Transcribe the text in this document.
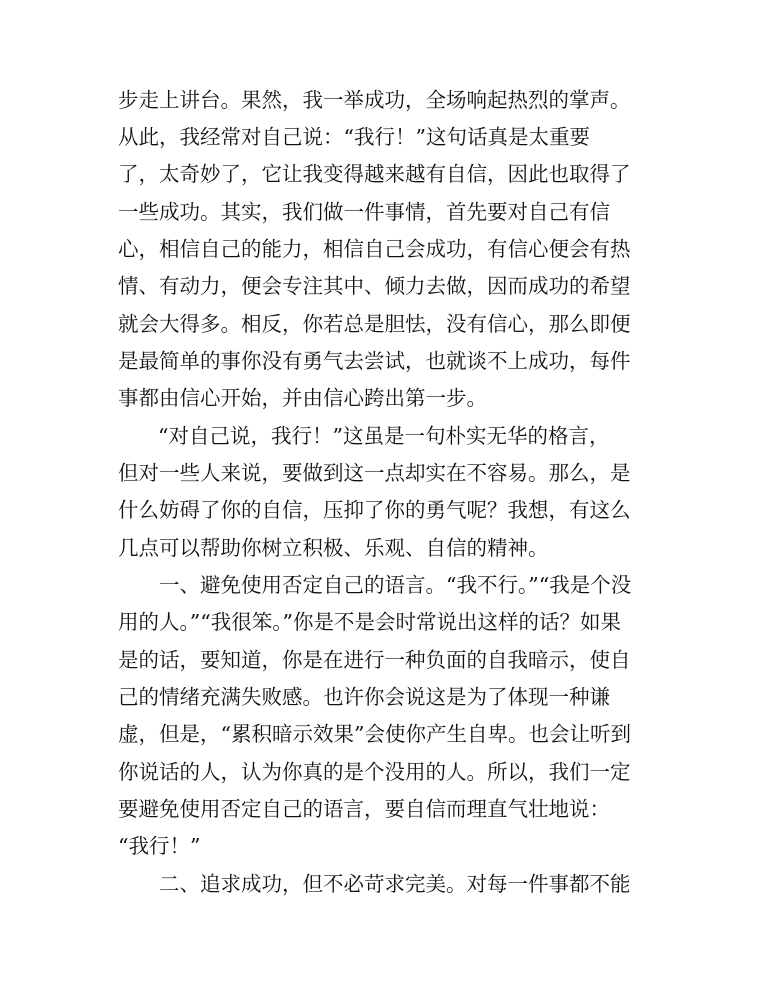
步走上讲台。果然，我一举成功，全场响起热烈的掌声。
从此，我经常对自己说：“我行！”这句话真是太重要
了，太奇妙了，它让我变得越来越有自信，因此也取得了
一些成功。其实，我们做一件事情，首先要对自己有信
心，相信自己的能力，相信自己会成功，有信心便会有热
情、有动力，便会专注其中、倾力去做，因而成功的希望
就会大得多。相反，你若总是胆怯，没有信心，那么即便
是最简单的事你没有勇气去尝试，也就谈不上成功，每件
事都由信心开始，并由信心跨出第一步。
“对自己说，我行！”这虽是一句朴实无华的格言，
但对一些人来说，要做到这一点却实在不容易。那么，是
什么妨碍了你的自信，压抑了你的勇气呢？我想，有这么
几点可以帮助你树立积极、乐观、自信的精神。
一、避免使用否定自己的语言。“我不行。”“我是个没
用的人。”“我很笨。”你是不是会时常说出这样的话？如果
是的话，要知道，你是在进行一种负面的自我暗示，使自
己的情绪充满失败感。也许你会说这是为了体现一种谦
虚，但是，“累积暗示效果”会使你产生自卑。也会让听到
你说话的人，认为你真的是个没用的人。所以，我们一定
要避免使用否定自己的语言，要自信而理直气壮地说：
“我行！”
二、追求成功，但不必苛求完美。对每一件事都不能
